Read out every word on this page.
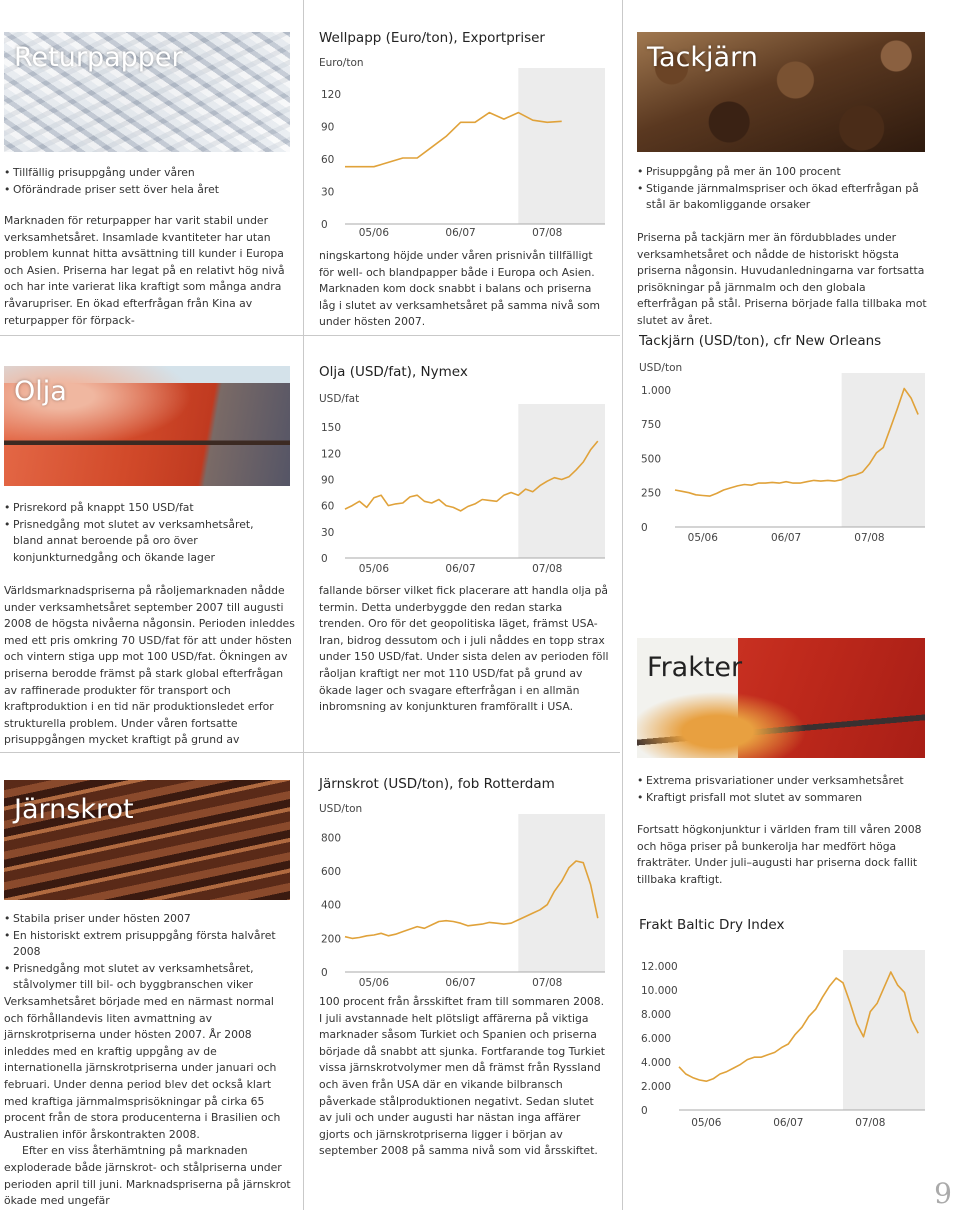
Returpapper
• Tillfällig prisuppgång under våren
• Oförändrade priser sett över hela året
Marknaden för returpapper har varit stabil under verksamhetsåret. Insamlade kvantiteter har utan problem kunnat hitta avsättning till kunder i Europa och Asien. Priserna har legat på en relativt hög nivå och har inte varierat lika kraftigt som många andra råvarupriser. En ökad efterfrågan från Kina av returpapper för förpack-
Wellpapp (Euro/ton), Exportpriser
Euro/ton
0
30
60
90
120
05/06	06/07	07/08
ningskartong höjde under våren prisnivån tillfälligt för well- och blandpapper både i Europa och Asien. Marknaden kom dock snabbt i balans och priserna låg i slutet av verksamhetsåret på samma nivå som under hösten 2007.
Tackjärn
• Prisuppgång på mer än 100 procent
• Stigande järnmalmspriser och ökad efterfrågan på stål är bakomliggande orsaker
Priserna på tackjärn mer än fördubblades under verksamhetsåret och nådde de historiskt högsta priserna någonsin. Huvudanledningarna var fortsatta prisökningar på järnmalm och den globala efterfrågan på stål. Priserna började falla tillbaka mot slutet av året.
Tackjärn (USD/ton), cfr New Orleans
USD/ton
0
250
500
750
1.000
05/06	06/07	07/08
Olja
• Prisrekord på knappt 150 USD/fat
• Prisnedgång mot slutet av verksamhetsåret, bland annat beroende på oro över konjunkturnedgång och ökande lager
Världsmarknadspriserna på råoljemarknaden nådde under verksamhetsåret september 2007 till augusti 2008 de högsta nivåerna någonsin. Perioden inleddes med ett pris omkring 70 USD/fat för att under hösten och vintern stiga upp mot 100 USD/fat. Ökningen av priserna berodde främst på stark global efterfrågan av raffinerade produkter för transport och kraftproduktion i en tid när produktionsledet erfor strukturella problem. Under våren fortsatte prisuppgången mycket kraftigt på grund av
Olja (USD/fat), Nymex
USD/fat
0
30
60
90
120
150
05/06	06/07	07/08
fallande börser vilket fick placerare att handla olja på termin. Detta underbyggde den redan starka trenden. Oro för det geopolitiska läget, främst USA-Iran, bidrog dessutom och i juli nåddes en topp strax under 150 USD/fat. Under sista delen av perioden föll råoljan kraftigt ner mot 110 USD/fat på grund av ökade lager och svagare efterfrågan i en allmän inbromsning av konjunkturen framförallt i USA.
Frakter
• Extrema prisvariationer under verksamhetsåret
• Kraftigt prisfall mot slutet av sommaren
Fortsatt högkonjunktur i världen fram till våren 2008 och höga priser på bunkerolja har medfört höga frakträter. Under juli–augusti har priserna dock fallit tillbaka kraftigt.
Frakt Baltic Dry Index
0
2.000
4.000
6.000
8.000
10.000
12.000
05/06	06/07	07/08
Järnskrot
• Stabila priser under hösten 2007
• En historiskt extrem prisuppgång första halvåret 2008
• Prisnedgång mot slutet av verksamhetsåret, stålvolymer till bil- och byggbranschen viker

Verksamhetsåret började med en närmast normal och förhållandevis liten avmattning av järnskrotpriserna under hösten 2007. År 2008 inleddes med en kraftig uppgång av de internationella järnskrotpriserna under januari och februari. Under denna period blev det också klart med kraftiga järnmalmsprisökningar på cirka 65 procent från de stora producenterna i Brasilien och Australien inför årskontrakten 2008.

Efter en viss återhämtning på marknaden exploderade både järnskrot- och stålpriserna under perioden april till juni. Marknadspriserna på järnskrot ökade med ungefär

Järnskrot (USD/ton), fob Rotterdam
USD/ton
0
200
400
600
800
05/06	06/07	07/08
100 procent från årsskiftet fram till sommaren 2008. I juli avstannade helt plötsligt affärerna på viktiga marknader såsom Turkiet och Spanien och priserna började då snabbt att sjunka. Fortfarande tog Turkiet vissa järnskrotvolymer men då främst från Ryssland och även från USA där en vikande bilbransch påverkade stålproduktionen negativt. Sedan slutet av juli och under augusti har nästan inga affärer gjorts och järnskrotpriserna ligger i början av september 2008 på samma nivå som vid årsskiftet.
9
